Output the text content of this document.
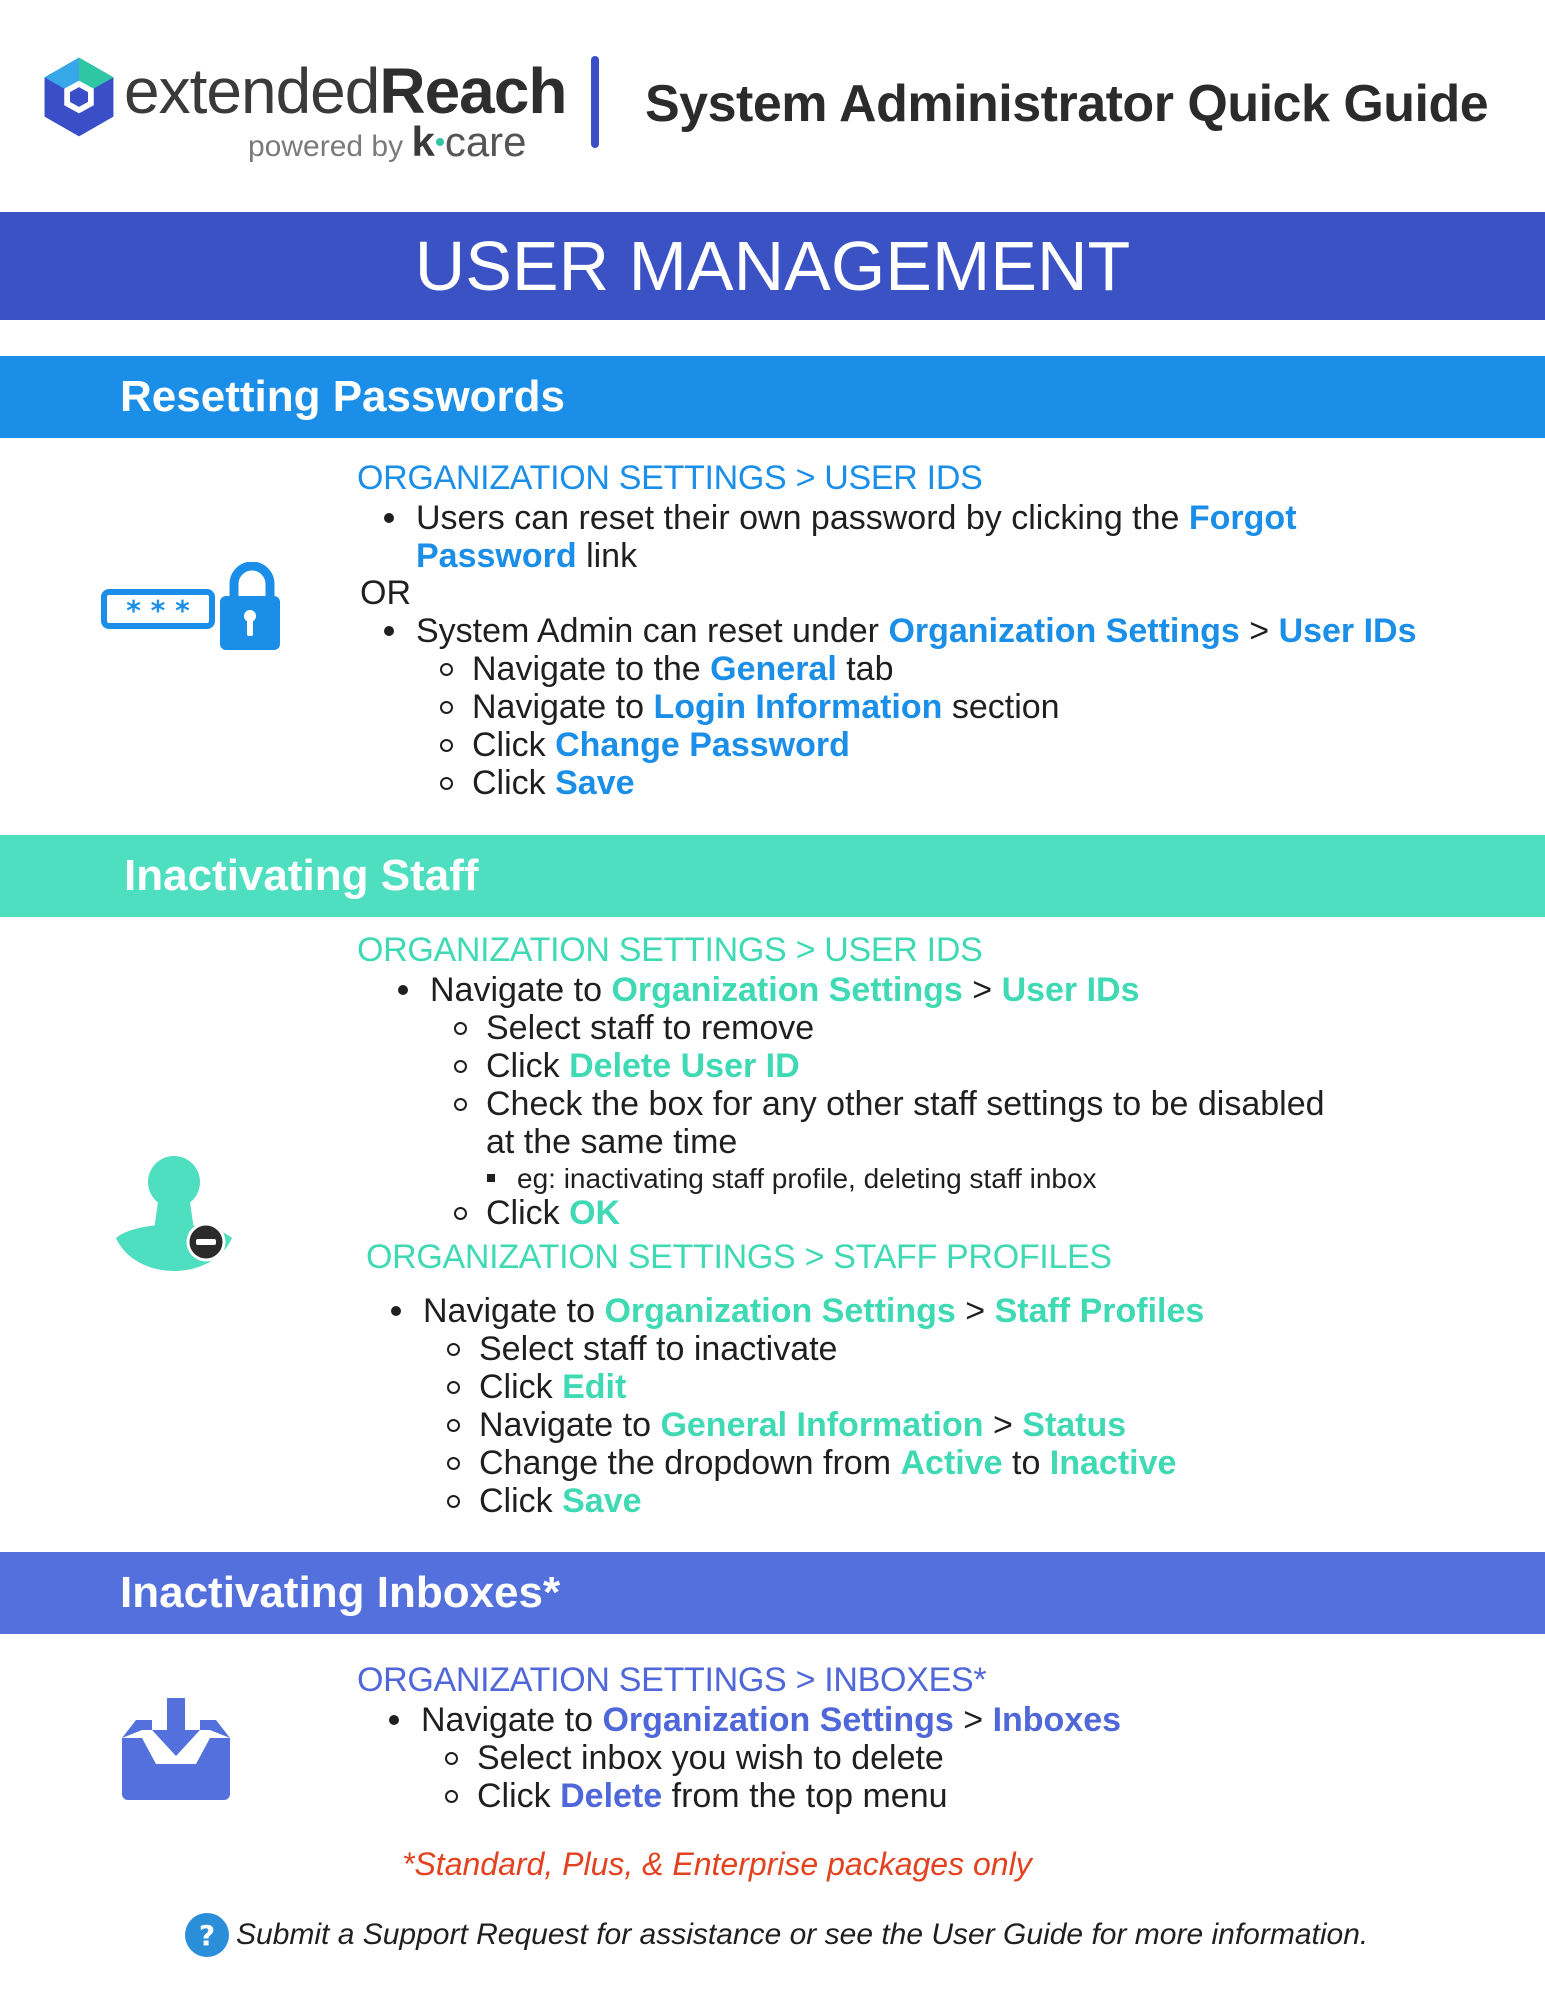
extendedReach
powered by k care
System Administrator Quick Guide
USER MANAGEMENT
Resetting Passwords
* * *
ORGANIZATION SETTINGS > USER IDS
Users can reset their own password by clicking the Forgot
Password link
OR
System Admin can reset under Organization Settings > User IDs
Navigate to the General tab
Navigate to Login Information section
Click Change Password
Click Save
Inactivating Staff
ORGANIZATION SETTINGS > USER IDS
Navigate to Organization Settings > User IDs
Select staff to remove
Click Delete User ID
Check the box for any other staff settings to be disabled
at the same time
eg: inactivating staff profile, deleting staff inbox
Click OK
ORGANIZATION SETTINGS > STAFF PROFILES
Navigate to Organization Settings > Staff Profiles
Select staff to inactivate
Click Edit
Navigate to General Information > Status
Change the dropdown from Active to Inactive
Click Save
Inactivating Inboxes*
ORGANIZATION SETTINGS > INBOXES*
Navigate to Organization Settings > Inboxes
Select inbox you wish to delete
Click Delete from the top menu
*Standard, Plus, & Enterprise packages only
? Submit a Support Request for assistance or see the User Guide for more information.
